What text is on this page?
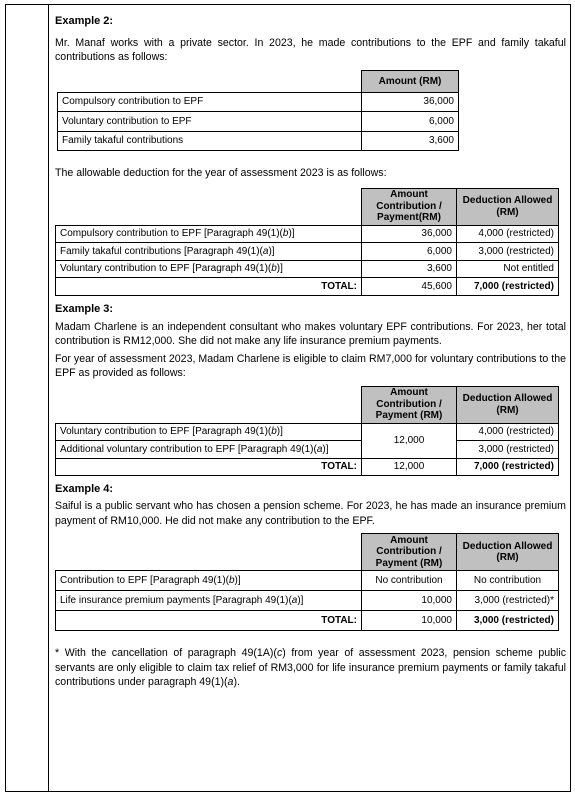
Example 2:

Mr. Manaf works with a private sector. In 2023, he made contributions to the EPF and family takaful contributions as follows:

	Amount (RM)
Compulsory contribution to EPF	36,000
Voluntary contribution to EPF	6,000
Family takaful contributions	3,600

The allowable deduction for the year of assessment 2023 is as follows:

	Amount Contribution / Payment(RM)	Deduction Allowed (RM)
Compulsory contribution to EPF [Paragraph 49(1)(b)]	36,000	4,000 (restricted)
Family takaful contributions [Paragraph 49(1)(a)]	6,000	3,000 (restricted)
Voluntary contribution to EPF [Paragraph 49(1)(b)]	3,600	Not entitled
TOTAL:	45,600	7,000 (restricted)
Example 3:

Madam Charlene is an independent consultant who makes voluntary EPF contributions. For 2023, her total contribution is RM12,000. She did not make any life insurance premium payments.

For year of assessment 2023, Madam Charlene is eligible to claim RM7,000 for voluntary contributions to the EPF as provided as follows:

	Amount Contribution / Payment (RM)	Deduction Allowed (RM)
Voluntary contribution to EPF [Paragraph 49(1)(b)]	12,000	4,000 (restricted)
Additional voluntary contribution to EPF [Paragraph 49(1)(a)]		3,000 (restricted)
TOTAL:	12,000	7,000 (restricted)
Example 4:

Saiful is a public servant who has chosen a pension scheme. For 2023, he has made an insurance premium payment of RM10,000. He did not make any contribution to the EPF.

	Amount Contribution / Payment (RM)	Deduction Allowed (RM)
Contribution to EPF [Paragraph 49(1)(b)]	No contribution	No contribution
Life insurance premium payments [Paragraph 49(1)(a)]	10,000	3,000 (restricted)*
TOTAL:	10,000	3,000 (restricted)

* With the cancellation of paragraph 49(1A)(c) from year of assessment 2023, pension scheme public servants are only eligible to claim tax relief of RM3,000 for life insurance premium payments or family takaful contributions under paragraph 49(1)(a).
